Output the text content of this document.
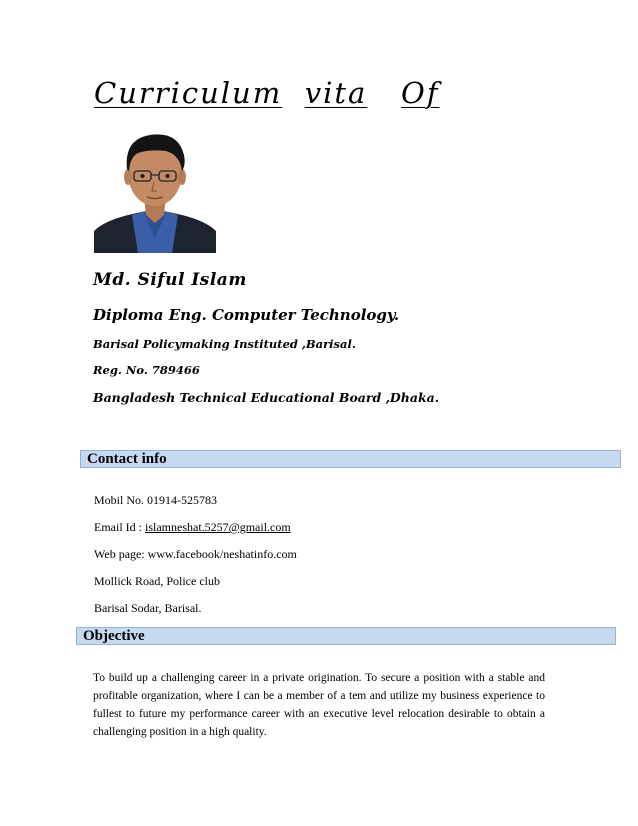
Curriculum vita Of

Md. Siful Islam

Diploma Eng. Computer Technology.

Barisal Policymaking Instituted ,Barisal.

Reg. No. 789466

Bangladesh Technical Educational Board ,Dhaka.

Contact info
Mobil No. 01914-525783
Email Id : islamneshat.5257@gmail.com
Web page: www.facebook/neshatinfo.com
Mollick Road, Police club
Barisal Sodar, Barisal.
Objective

To build up a challenging career in a private origination. To secure a position with a stable and profitable organization, where I can be a member of a tem and utilize my business experience to fullest to future my performance career with an executive level relocation desirable to obtain a challenging position in a high quality.
